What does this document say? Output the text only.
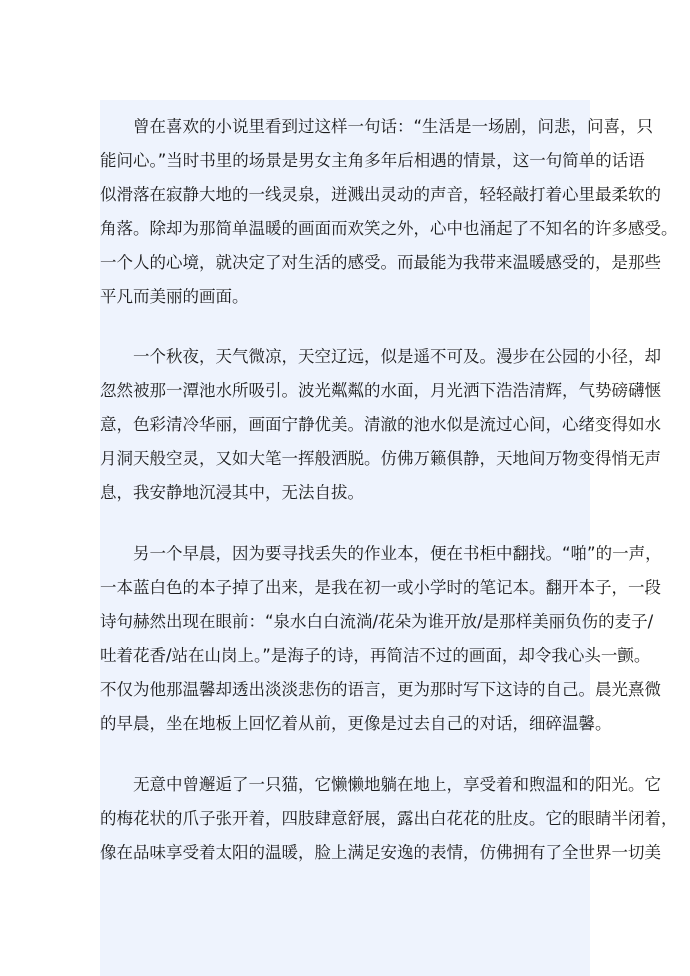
曾在喜欢的小说里看到过这样一句话：“生活是一场剧，问悲，问喜，只
能问心。”当时书里的场景是男女主角多年后相遇的情景，这一句简单的话语
似滑落在寂静大地的一线灵泉，迸溅出灵动的声音，轻轻敲打着心里最柔软的
角落。除却为那简单温暖的画面而欢笑之外，心中也涌起了不知名的许多感受。
一个人的心境，就决定了对生活的感受。而最能为我带来温暖感受的，是那些
平凡而美丽的画面。
一个秋夜，天气微凉，天空辽远，似是遥不可及。漫步在公园的小径，却
忽然被那一潭池水所吸引。波光粼粼的水面，月光洒下浩浩清辉，气势磅礴惬
意，色彩清冷华丽，画面宁静优美。清澈的池水似是流过心间，心绪变得如水
月洞天般空灵，又如大笔一挥般洒脱。仿佛万籁俱静，天地间万物变得悄无声
息，我安静地沉浸其中，无法自拔。
另一个早晨，因为要寻找丢失的作业本，便在书柜中翻找。“啪”的一声，
一本蓝白色的本子掉了出来，是我在初一或小学时的笔记本。翻开本子，一段
诗句赫然出现在眼前：“泉水白白流淌/花朵为谁开放/是那样美丽负伤的麦子/
吐着花香/站在山岗上。”是海子的诗，再简洁不过的画面，却令我心头一颤。
不仅为他那温馨却透出淡淡悲伤的语言，更为那时写下这诗的自己。晨光熹微
的早晨，坐在地板上回忆着从前，更像是过去自己的对话，细碎温馨。
无意中曾邂逅了一只猫，它懒懒地躺在地上，享受着和煦温和的阳光。它
的梅花状的爪子张开着，四肢肆意舒展，露出白花花的肚皮。它的眼睛半闭着，
像在品味享受着太阳的温暖，脸上满足安逸的表情，仿佛拥有了全世界一切美
